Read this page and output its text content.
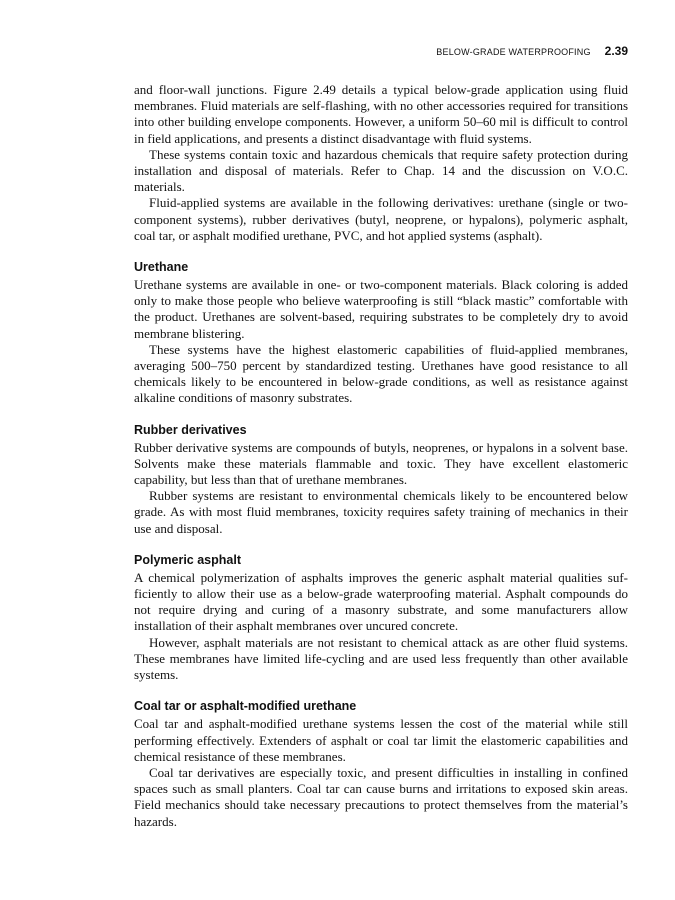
BELOW-GRADE WATERPROOFING 2.39

and floor-wall junctions. Figure 2.49 details a typical below-grade application using fluid membranes. Fluid materials are self-flashing, with no other accessories required for transitions into other building envelope components. However, a uniform 50–60 mil is difficult to control in field applications, and presents a distinct disadvantage with fluid systems.

These systems contain toxic and hazardous chemicals that require safety protection during installation and disposal of materials. Refer to Chap. 14 and the discussion on V.O.C. materials.

Fluid-applied systems are available in the following derivatives: urethane (single or two-component systems), rubber derivatives (butyl, neoprene, or hypalons), polymeric asphalt, coal tar, or asphalt modified urethane, PVC, and hot applied systems (asphalt).

Urethane

Urethane systems are available in one- or two-component materials. Black coloring is added only to make those people who believe waterproofing is still “black mastic” comfortable with the product. Urethanes are solvent-based, requiring substrates to be completely dry to avoid membrane blistering.

These systems have the highest elastomeric capabilities of fluid-applied membranes, averaging 500–750 percent by standardized testing. Urethanes have good resistance to all chemicals likely to be encountered in below-grade conditions, as well as resistance against alkaline conditions of masonry substrates.

Rubber derivatives

Rubber derivative systems are compounds of butyls, neoprenes, or hypalons in a solvent base. Solvents make these materials flammable and toxic. They have excellent elastomeric capability, but less than that of urethane membranes.

Rubber systems are resistant to environmental chemicals likely to be encountered below grade. As with most fluid membranes, toxicity requires safety training of mechanics in their use and disposal.

Polymeric asphalt

A chemical polymerization of asphalts improves the generic asphalt material qualities sufficiently to allow their use as a below-grade waterproofing material. Asphalt compounds do not require drying and curing of a masonry substrate, and some manufacturers allow installation of their asphalt membranes over uncured concrete.

However, asphalt materials are not resistant to chemical attack as are other fluid systems. These membranes have limited life-cycling and are used less frequently than other available systems.

Coal tar or asphalt-modified urethane

Coal tar and asphalt-modified urethane systems lessen the cost of the material while still performing effectively. Extenders of asphalt or coal tar limit the elastomeric capabilities and chemical resistance of these membranes.

Coal tar derivatives are especially toxic, and present difficulties in installing in confined spaces such as small planters. Coal tar can cause burns and irritations to exposed skin areas. Field mechanics should take necessary precautions to protect themselves from the material’s hazards.
